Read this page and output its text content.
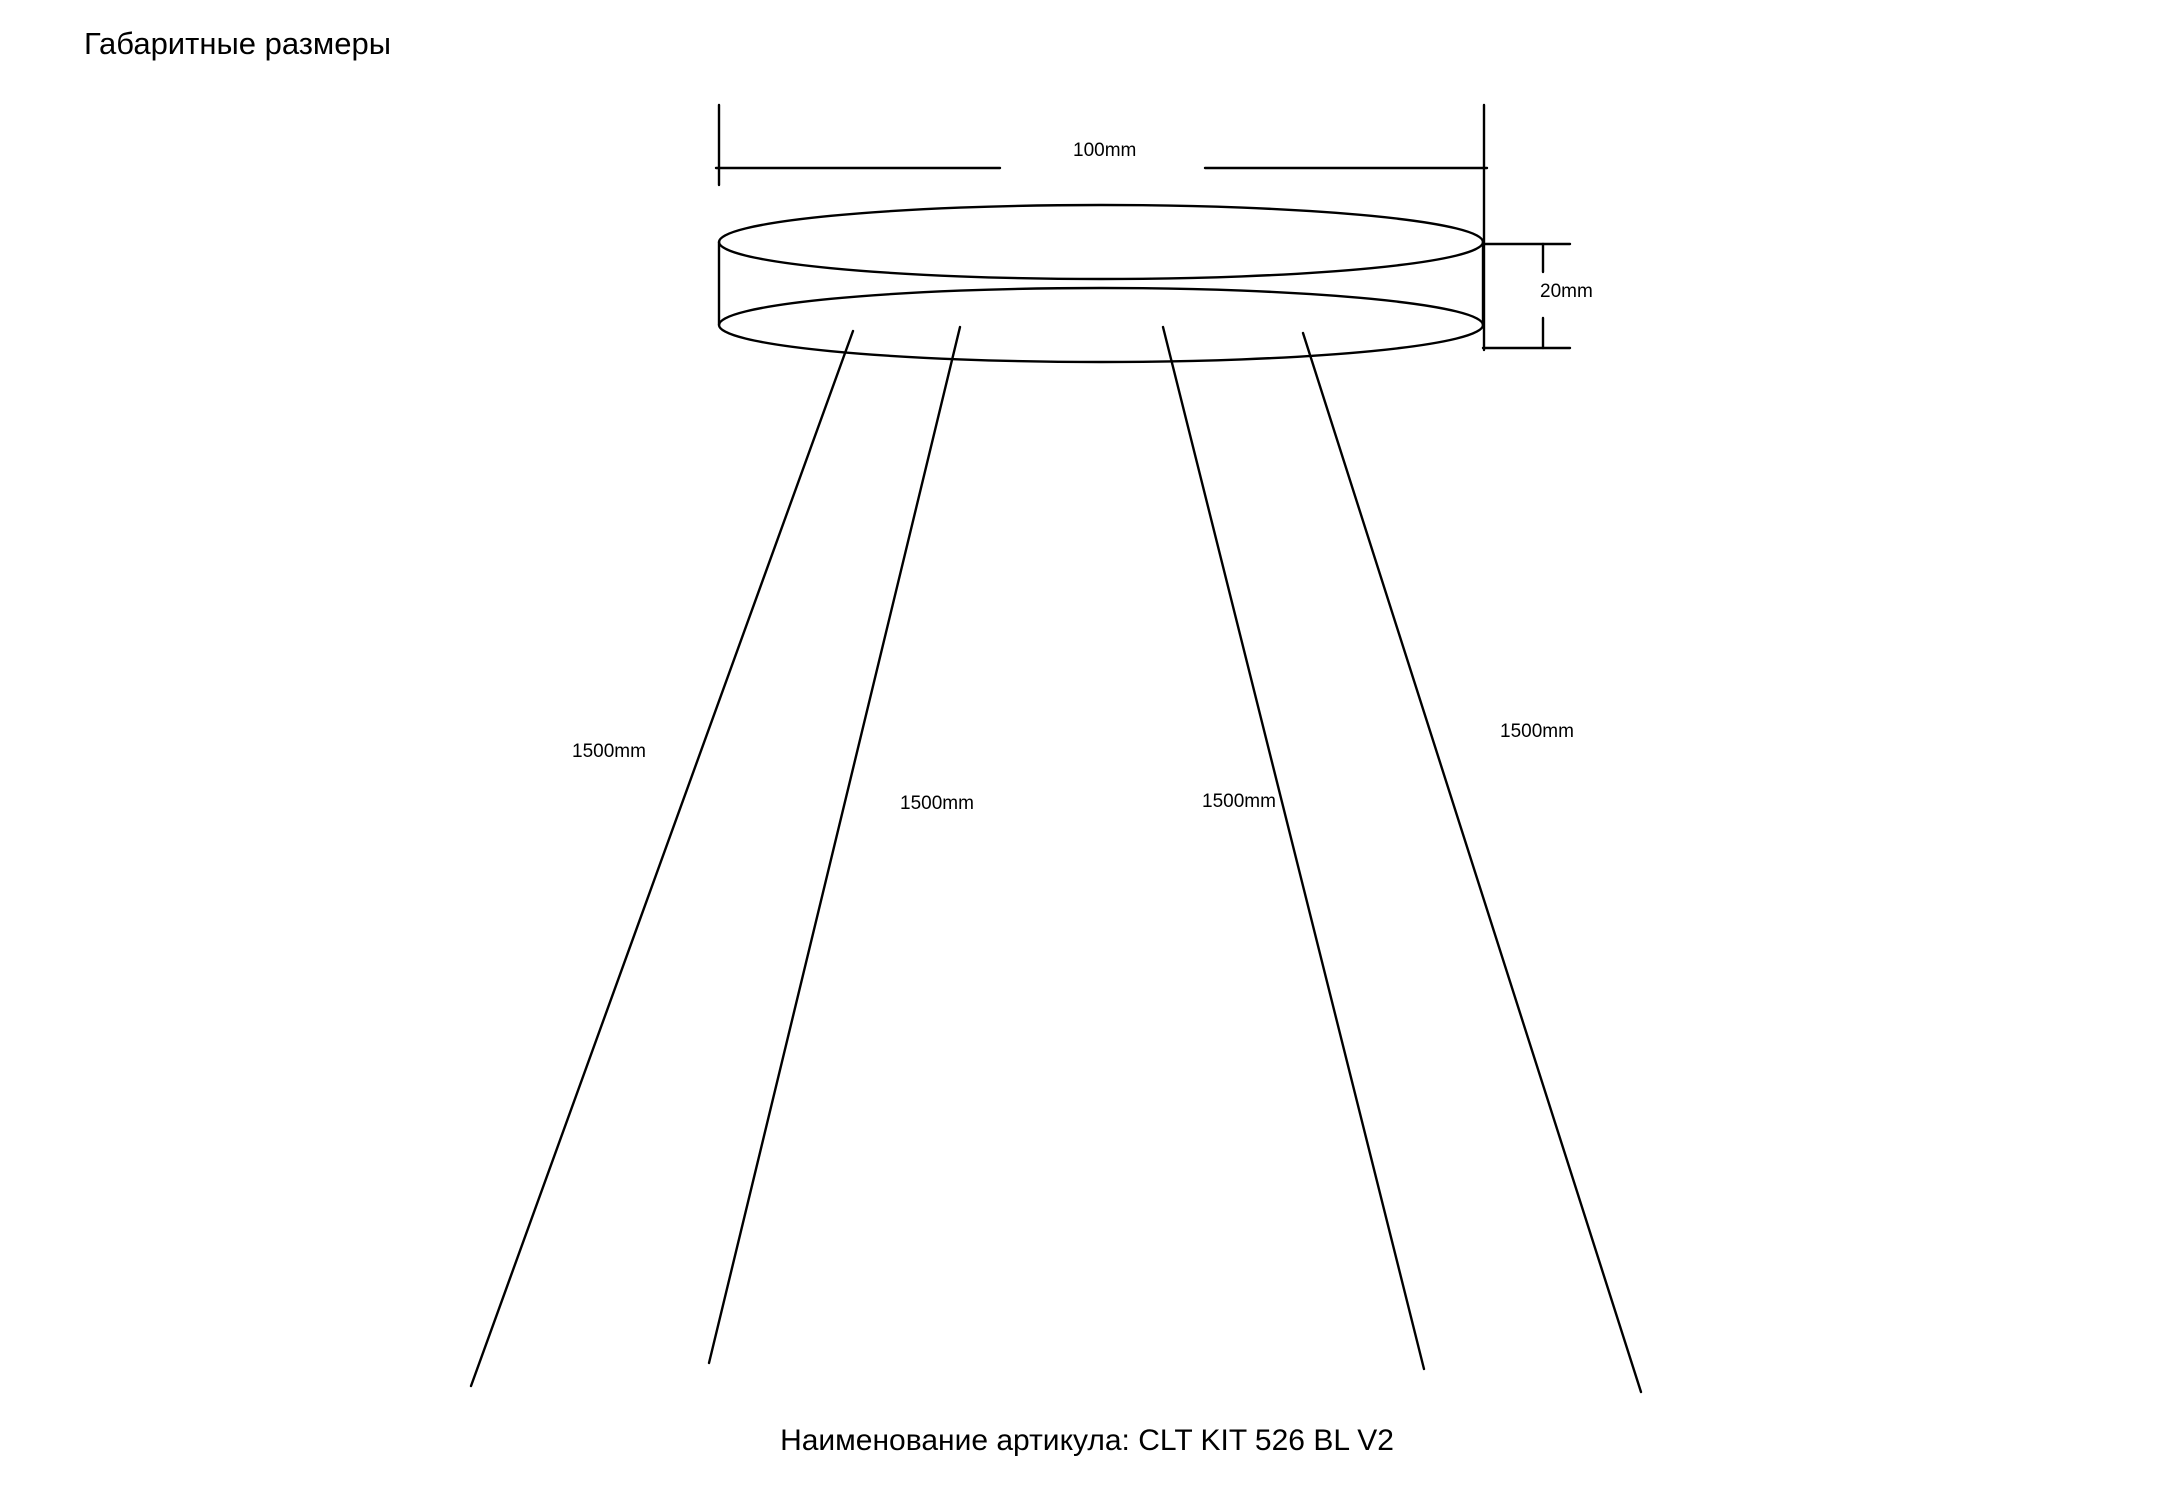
Габаритные размеры
100mm
20mm
1500mm
1500mm	1500mm
1500mm
Наименование артикула: CLT KIT 526 BL V2
